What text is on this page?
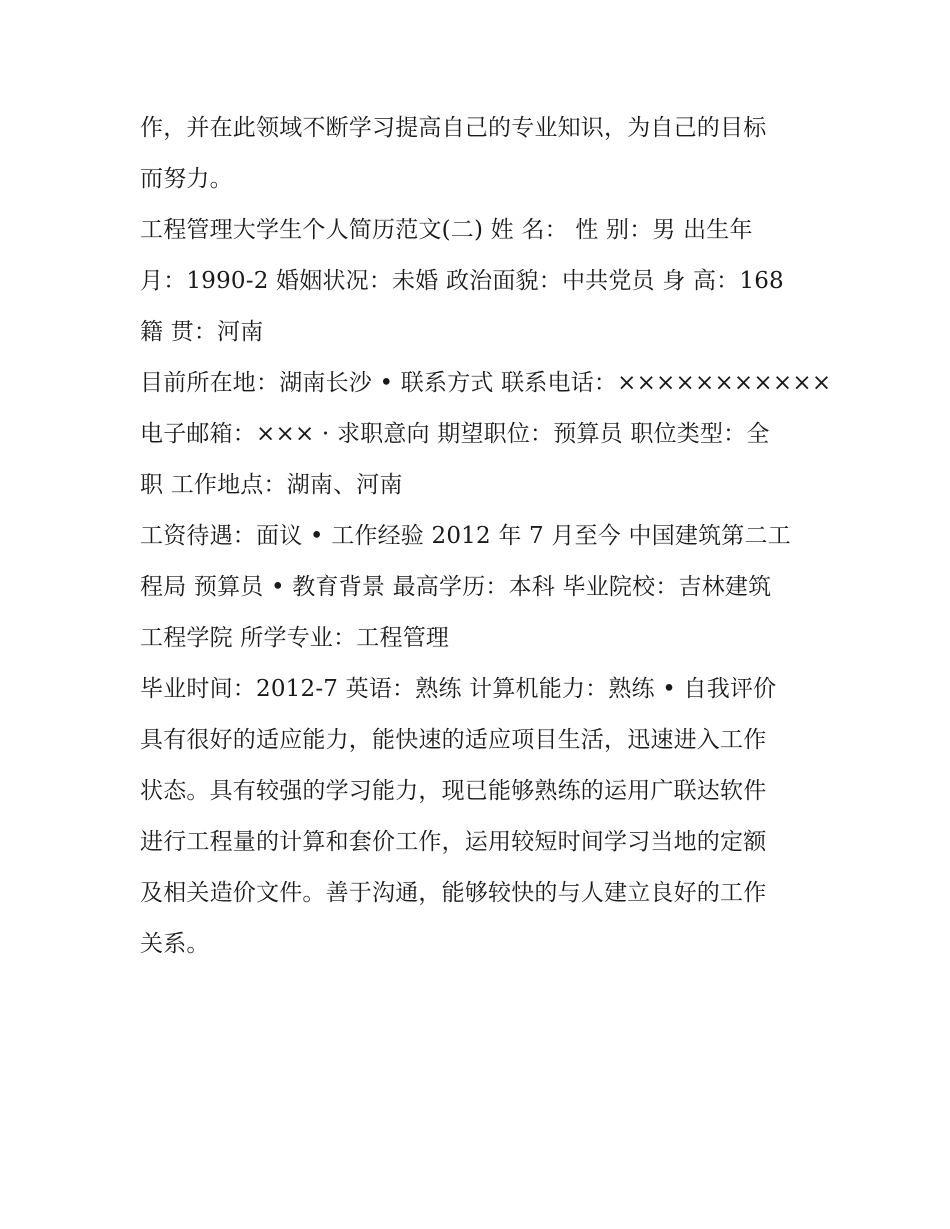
作，并在此领域不断学习提高自己的专业知识，为自己的目标
而努力。
工程管理大学生个人简历范文(二) 姓 名： 性 别：男 出生年
月：1990-2 婚姻状况：未婚 政治面貌：中共党员 身 高：168
籍 贯：河南
目前所在地：湖南长沙 • 联系方式 联系电话：×××××××××××
电子邮箱：××× · 求职意向 期望职位：预算员 职位类型：全
职 工作地点：湖南、河南
工资待遇：面议 • 工作经验 2012 年 7 月至今 中国建筑第二工
程局 预算员 • 教育背景 最高学历：本科 毕业院校：吉林建筑
工程学院 所学专业：工程管理
毕业时间：2012-7 英语：熟练 计算机能力：熟练 • 自我评价
具有很好的适应能力，能快速的适应项目生活，迅速进入工作
状态。具有较强的学习能力，现已能够熟练的运用广联达软件
进行工程量的计算和套价工作，运用较短时间学习当地的定额
及相关造价文件。善于沟通，能够较快的与人建立良好的工作
关系。
